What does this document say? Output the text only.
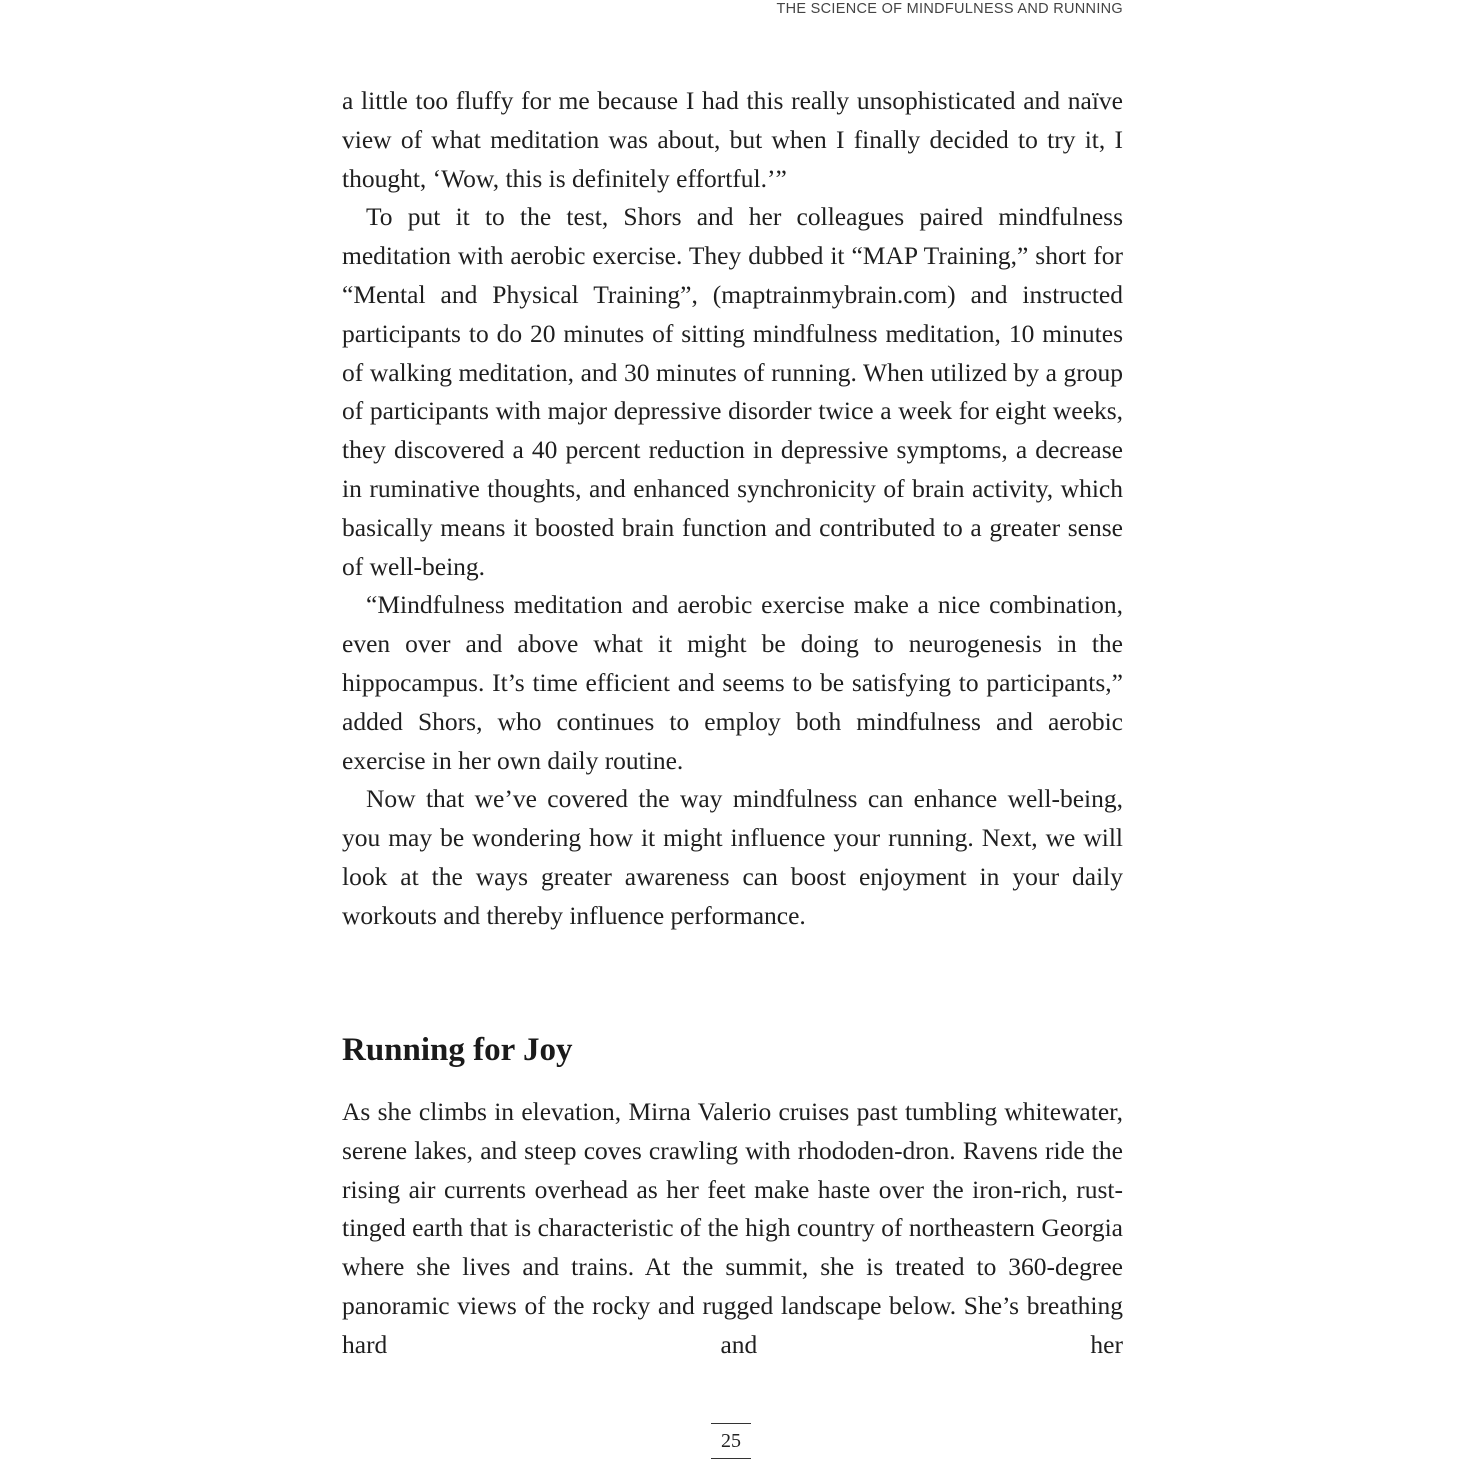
THE SCIENCE OF MINDFULNESS AND RUNNING

a little too fluffy for me because I had this really unsophisticated and naïve view of what meditation was about, but when I finally decided to try it, I thought, ‘Wow, this is definitely effortful.’”

To put it to the test, Shors and her colleagues paired mindfulness meditation with aerobic exercise. They dubbed it “MAP Training,” short for “Mental and Physical Training”, (maptrainmybrain.com) and instructed participants to do 20 minutes of sitting mindfulness meditation, 10 minutes of walking meditation, and 30 minutes of running. When utilized by a group of participants with major depressive disorder twice a week for eight weeks, they discovered a 40 percent reduction in depressive symptoms, a decrease in ruminative thoughts, and enhanced synchronicity of brain activity, which basically means it boosted brain function and contributed to a greater sense of well-being.

“Mindfulness meditation and aerobic exercise make a nice combination, even over and above what it might be doing to neurogenesis in the hippocampus. It’s time efficient and seems to be satisfying to participants,” added Shors, who continues to employ both mindfulness and aerobic exercise in her own daily routine.

Now that we’ve covered the way mindfulness can enhance well-being, you may be wondering how it might influence your running. Next, we will look at the ways greater awareness can boost enjoyment in your daily workouts and thereby influence performance.

Running for Joy

As she climbs in elevation, Mirna Valerio cruises past tumbling whitewater, serene lakes, and steep coves crawling with rhododen-dron. Ravens ride the rising air currents overhead as her feet make haste over the iron-rich, rust-tinged earth that is characteristic of the high country of northeastern Georgia where she lives and trains. At the summit, she is treated to 360-degree panoramic views of the rocky and rugged landscape below. She’s breathing hard and her

25
